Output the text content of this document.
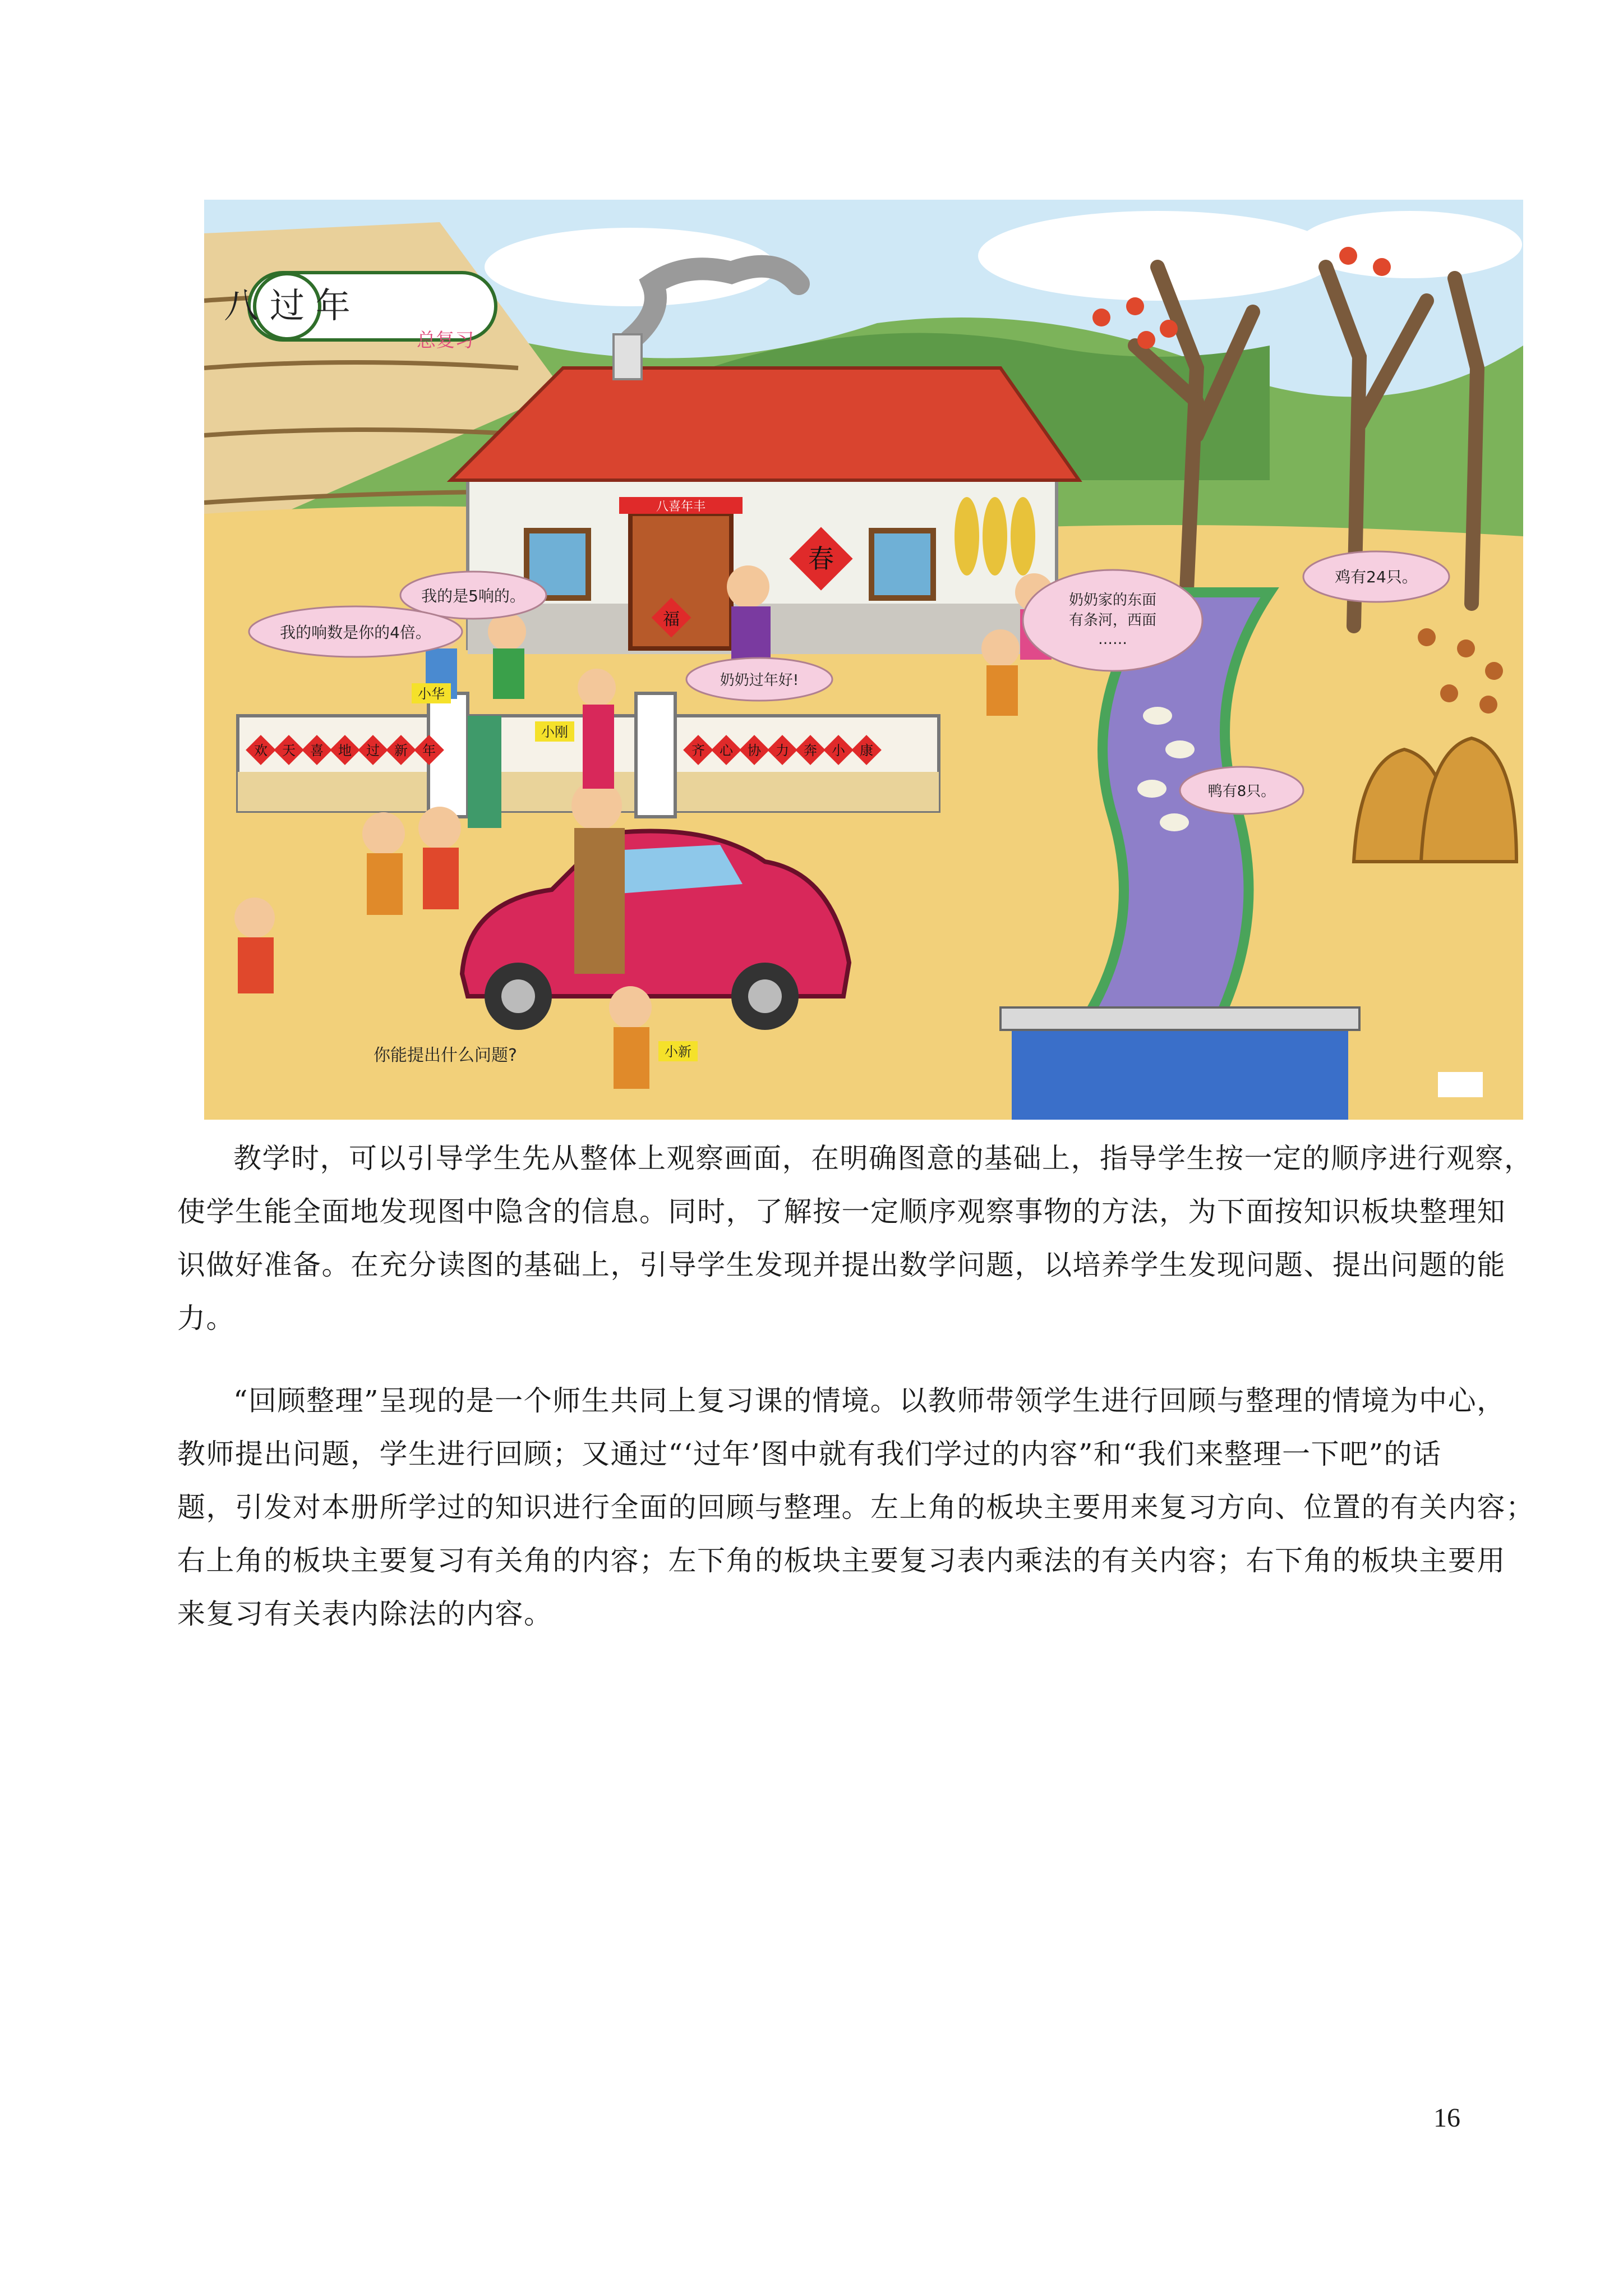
八 过 年
总复习
八喜年丰
春
福
欢 天 喜 地 过 新 年	齐 心 协 力 奔 小 康
我的是5响的。
我的响数是你的4倍。
奶奶过年好!
奶奶家的东面
有条河，西面
……
鸡有24只。
鸭有8只。
小华
小刚
小新
你能提出什么问题?
教学时，可以引导学生先从整体上观察画面，在明确图意的基础上，指导学生按一定的顺序进行观察，
使学生能全面地发现图中隐含的信息。同时，了解按一定顺序观察事物的方法，为下面按知识板块整理知
识做好准备。在充分读图的基础上，引导学生发现并提出数学问题，以培养学生发现问题、提出问题的能
力。
“回顾整理”呈现的是一个师生共同上复习课的情境。以教师带领学生进行回顾与整理的情境为中心，
教师提出问题，学生进行回顾；又通过“‘过年’图中就有我们学过的内容”和“我们来整理一下吧”的话
题，引发对本册所学过的知识进行全面的回顾与整理。左上角的板块主要用来复习方向、位置的有关内容；
右上角的板块主要复习有关角的内容；左下角的板块主要复习表内乘法的有关内容；右下角的板块主要用
来复习有关表内除法的内容。
16
